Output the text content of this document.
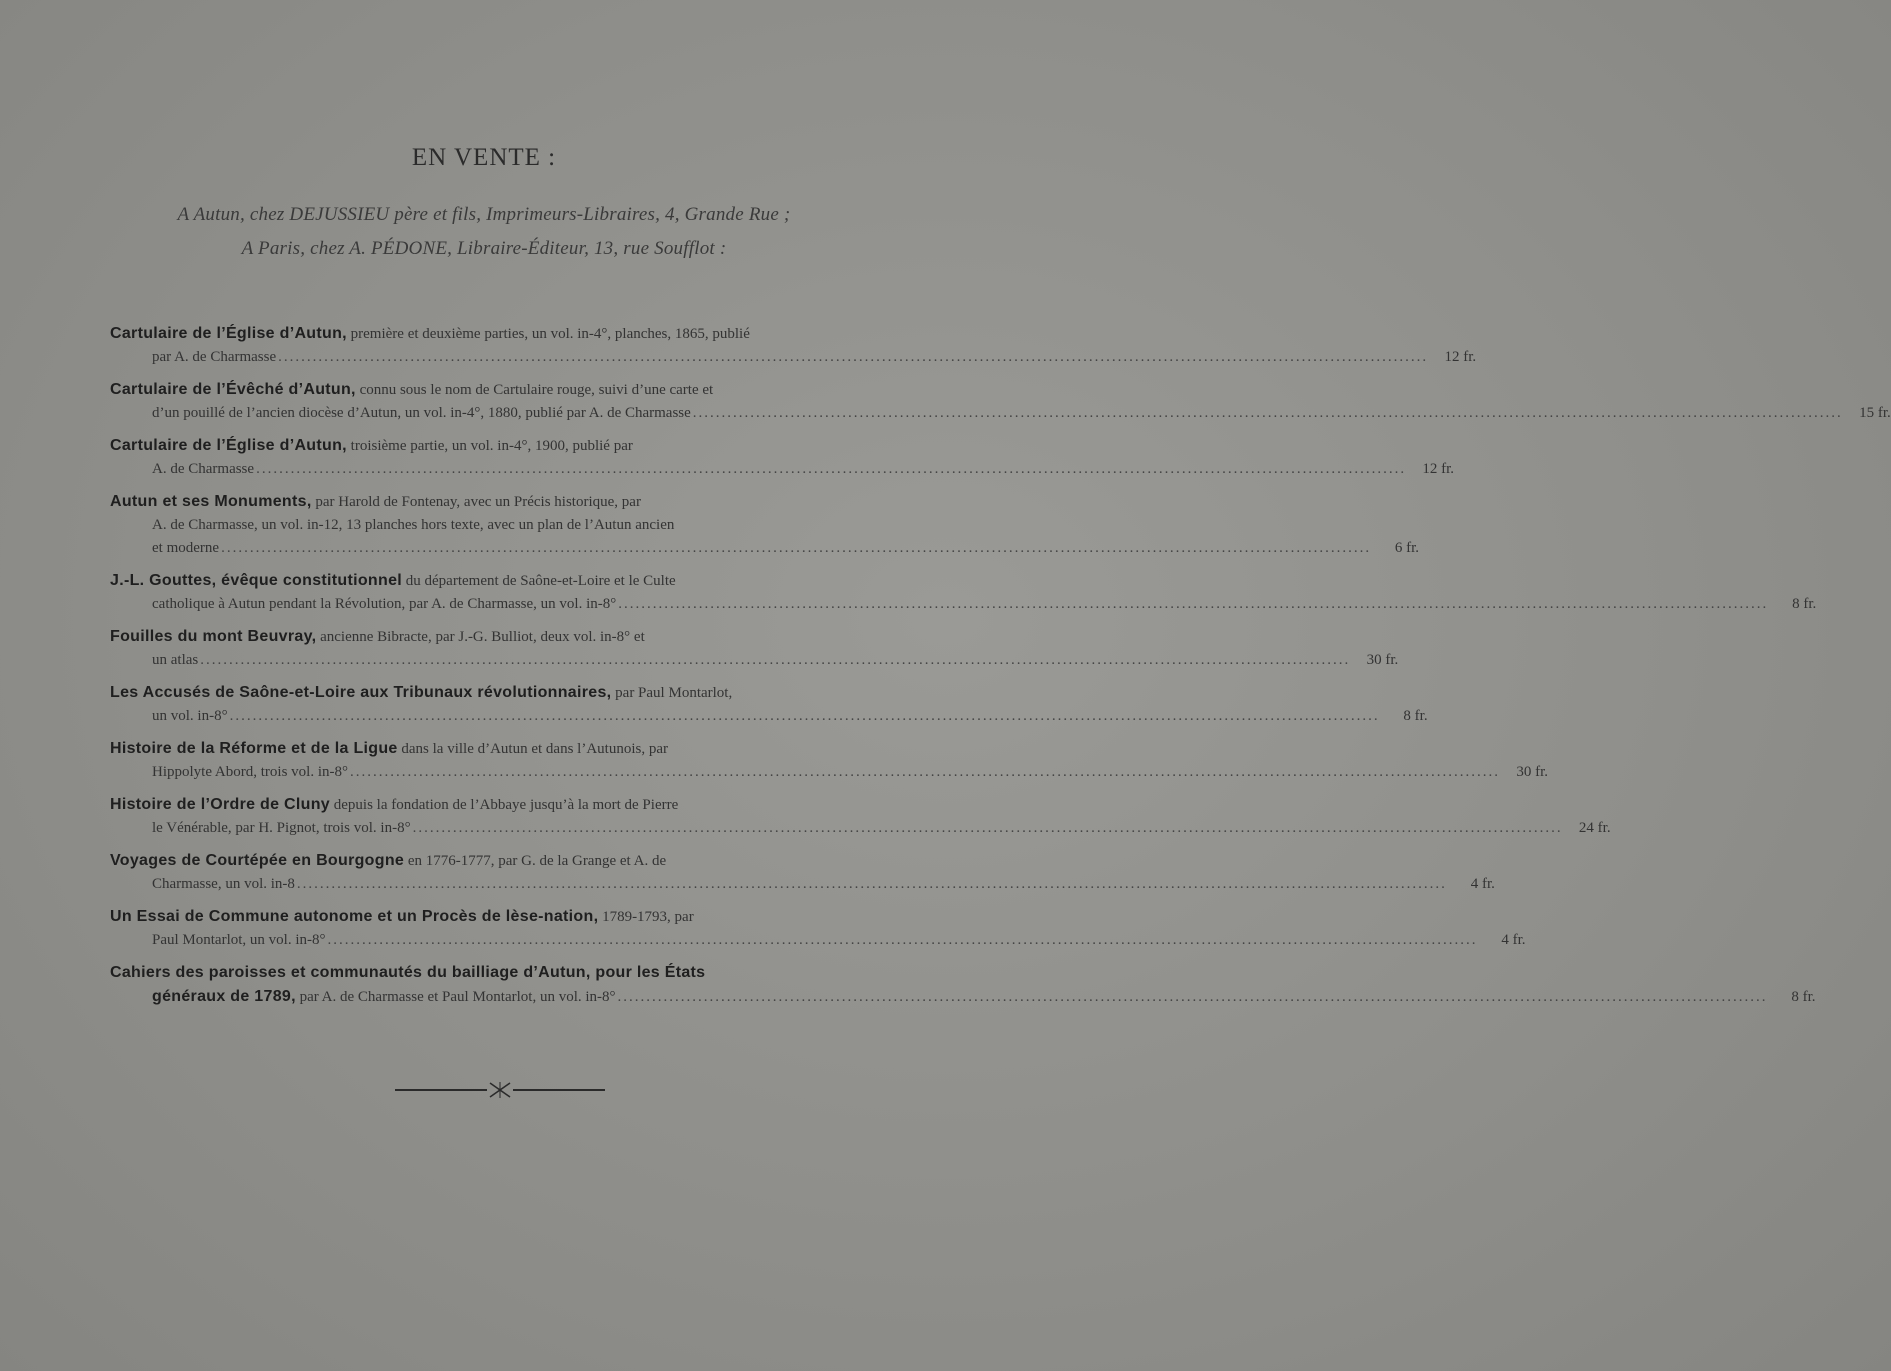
EN VENTE :
A Autun, chez DEJUSSIEU père et fils, Imprimeurs-Libraires, 4, Grande Rue ;
A Paris, chez A. PÉDONE, Libraire-Éditeur, 13, rue Soufflot :
Cartulaire de l’Église d’Autun, première et deuxième parties, un vol. in-4°, planches, 1865, publié
par A. de Charmasse ........................................................................................................................................................................................................	12 fr.
Cartulaire de l’Évêché d’Autun, connu sous le nom de Cartulaire rouge, suivi d’une carte et
d’un pouillé de l’ancien diocèse d’Autun, un vol. in-4°, 1880, publié par A. de Charmasse ........................................................................................................................................................................................................	15 fr.
Cartulaire de l’Église d’Autun, troisième partie, un vol. in-4°, 1900, publié par
A. de Charmasse ........................................................................................................................................................................................................	12 fr.
Autun et ses Monuments, par Harold de Fontenay, avec un Précis historique, par
A. de Charmasse, un vol. in-12, 13 planches hors texte, avec un plan de l’Autun ancien
et moderne ........................................................................................................................................................................................................	6 fr.
J.-L. Gouttes, évêque constitutionnel du département de Saône-et-Loire et le Culte
catholique à Autun pendant la Révolution, par A. de Charmasse, un vol. in-8° ........................................................................................................................................................................................................	8 fr.
Fouilles du mont Beuvray, ancienne Bibracte, par J.-G. Bulliot, deux vol. in-8° et
un atlas ........................................................................................................................................................................................................	30 fr.
Les Accusés de Saône-et-Loire aux Tribunaux révolutionnaires, par Paul Montarlot,
un vol. in-8° ........................................................................................................................................................................................................	8 fr.
Histoire de la Réforme et de la Ligue dans la ville d’Autun et dans l’Autunois, par
Hippolyte Abord, trois vol. in-8° ........................................................................................................................................................................................................	30 fr.
Histoire de l’Ordre de Cluny depuis la fondation de l’Abbaye jusqu’à la mort de Pierre
le Vénérable, par H. Pignot, trois vol. in-8° ........................................................................................................................................................................................................	24 fr.
Voyages de Courtépée en Bourgogne en 1776-1777, par G. de la Grange et A. de
Charmasse, un vol. in-8 ........................................................................................................................................................................................................	4 fr.
Un Essai de Commune autonome et un Procès de lèse-nation, 1789-1793, par
Paul Montarlot, un vol. in-8° ........................................................................................................................................................................................................	4 fr.
Cahiers des paroisses et communautés du bailliage d’Autun, pour les États
généraux de 1789, par A. de Charmasse et Paul Montarlot, un vol. in-8° ........................................................................................................................................................................................................	8 fr.
